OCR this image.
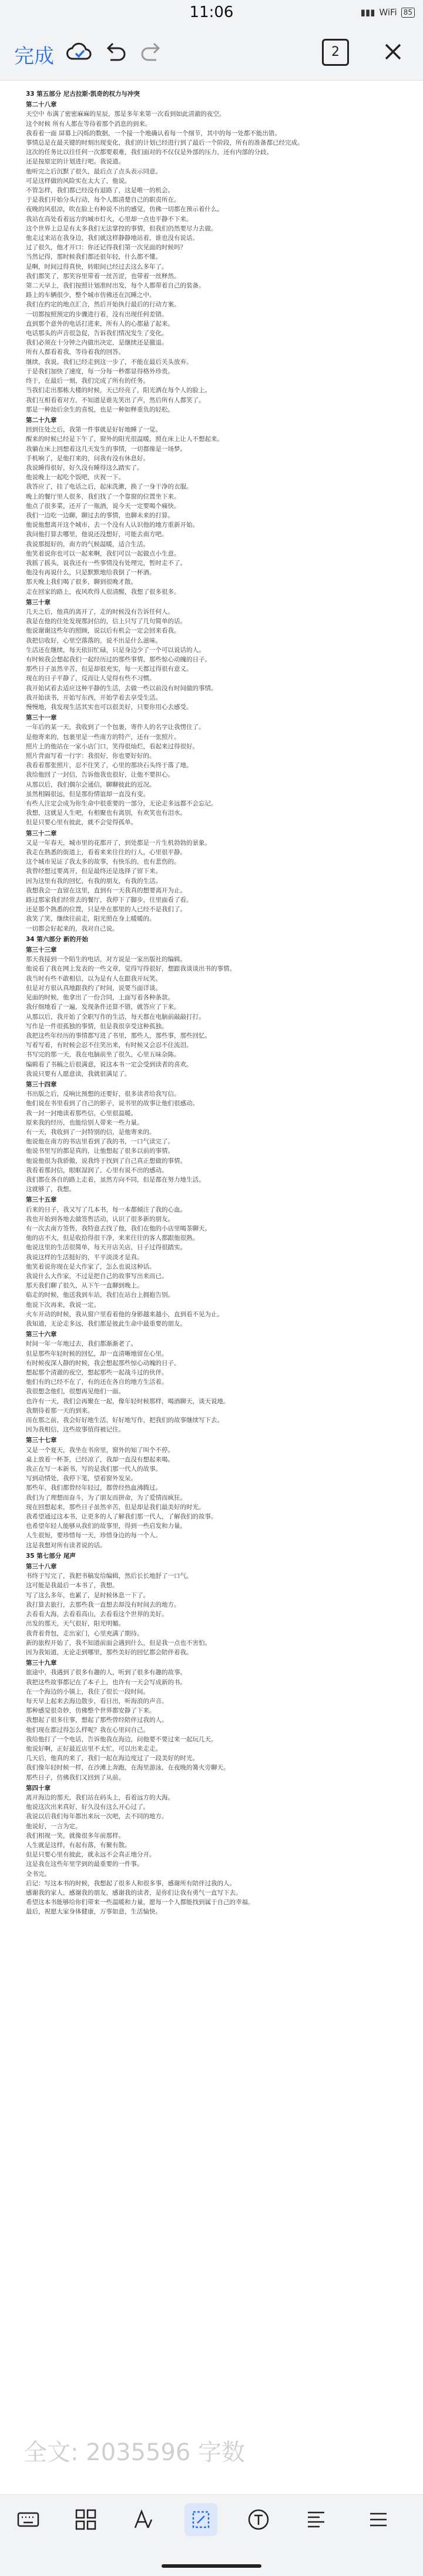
11:06	▮▮▮ WiFi 85
完成	2

33 第五部分 尼古拉斯·凯奇的权力与冲突

第二十八章

天空中 布满了密密麻麻的星辰，那是多年来第一次看到如此清澈的夜空。

这个时候 所有人都在等待着那个消息的到来。

我看着一面 屏幕上闪烁的数据，一个接一个地确认着每一个细节，其中的每一处都不能出错。

事情总是在最关键的时刻出现变化，我们的计划已经进行到了最后一个阶段，所有的准备都已经完成。

这次的任务比以往任何一次都要艰难，我们面对的不仅仅是外部的压力，还有内部的分歧。

还是按原定的计划进行吧。我说道。

他听完之后沉默了很久，最后点了点头表示同意。

可是这样做的风险实在太大了，他说。

不管怎样，我们都已经没有退路了，这是唯一的机会。

于是我们开始分头行动，每个人都清楚自己的职责所在。

夜晚的风很凉，吹在脸上有种说不出的感觉，仿佛一切都在预示着什么。

我站在高处看着远方的城市灯火，心里却一点也平静不下来。

这个世界上总是有太多我们无法掌控的事情，但我们仍然要尽力去做。

他走过来站在我身边，我们就这样静静地站着，谁也没有说话。

过了很久，他才开口：你还记得我们第一次见面的时候吗？

当然记得，那时候我们都还很年轻，什么都不懂。

是啊，时间过得真快，转眼间已经过去这么多年了。

我们都笑了，那笑容里带着一丝苦涩，也带着一丝释然。

第二天早上，我们按照计划准时出发，每个人都带着自己的装备。

路上的车辆很少，整个城市仿佛还在沉睡之中。

我们在约定的地点汇合，然后开始执行最后的行动方案。

一切都按照预定的步骤进行着，没有出现任何差错。

直到那个意外的电话打进来，所有人的心都悬了起来。

电话那头的声音很急促，告诉我们情况发生了变化。

我们必须在十分钟之内做出决定，是继续还是撤退。

所有人都看着我，等待着我的回答。

继续，我说。我们已经走到这一步了，不能在最后关头放弃。

于是我们加快了速度，每一分每一秒都显得格外珍贵。

终于，在最后一刻，我们完成了所有的任务。

当我们走出那栋大楼的时候，天已经亮了，阳光洒在每个人的脸上。

我们互相看着对方，不知道是谁先笑出了声，然后所有人都笑了。

那是一种劫后余生的喜悦，也是一种如释重负的轻松。

第二十九章

回到住处之后，我第一件事就是好好地睡了一觉。

醒来的时候已经是下午了，窗外的阳光很温暖，照在床上让人不想起来。

我躺在床上回想着这几天发生的事情，一切都像是一场梦。

手机响了，是他打来的，问我有没有休息好。

我说睡得很好，好久没有睡得这么踏实了。

他说晚上一起吃个饭吧，庆祝一下。

我答应了，挂了电话之后，起床洗漱，换了一身干净的衣服。

晚上的餐厅里人很多，我们找了一个靠窗的位置坐下来。

他点了很多菜，还开了一瓶酒，说今天一定要喝个痛快。

我们一边吃一边聊，聊过去的事情，也聊未来的打算。

他说他想离开这个城市，去一个没有人认识他的地方重新开始。

我问他打算去哪里，他说还没想好，可能去南方吧。

我说那挺好的，南方的气候温暖，适合生活。

他笑着说你也可以一起来啊，我们可以一起做点小生意。

我摇了摇头，说我还有一些事情没有处理完，暂时走不了。

他没有再说什么，只是默默地给我倒了一杯酒。

那天晚上我们喝了很多，聊到很晚才散。

走在回家的路上，夜风吹得人很清醒，我想了很多很多。

第三十章

几天之后，他真的离开了，走的时候没有告诉任何人。

我是在他的住处发现那封信的，信上只写了几句简单的话。

他说谢谢这些年的照顾，说以后有机会一定会回来看我。

我把信收好，心里空落落的，说不出是什么滋味。

生活还在继续，每天依旧忙碌，只是身边少了一个可以说话的人。

有时候我会想起我们一起经历过的那些事情，那些惊心动魄的日子。

那些日子虽然辛苦，但是却很充实，每一天都过得很有意义。

现在的日子平静了，反而让人觉得有些不习惯。

我开始试着去适应这种平静的生活，去做一些以前没有时间做的事情。

我开始读书，开始写东西，开始学着去享受生活。

慢慢地，我发现生活其实也可以很美好，只要你用心去感受。

第三十一章

一年后的某一天，我收到了一个包裹，寄件人的名字让我愣住了。

是他寄来的，包裹里是一些南方的特产，还有一张照片。

照片上的他站在一家小店门口，笑得很灿烂，看起来过得很好。

照片背面写着一行字：我很好，你也要好好的。

我看着那张照片，忍不住笑了，心里的那块石头终于落了地。

我给他回了一封信，告诉他我也很好，让他不要担心。

从那以后，我们偶尔会通信，聊聊彼此的近况。

虽然相隔很远，但是那份情谊却一直没有变。

有些人注定会成为你生命中很重要的一部分，无论走多远都不会忘记。

我想，这就是人生吧，有相聚也有离别，有欢笑也有泪水。

但是只要心里有彼此，就不会觉得孤单。

第三十二章

又是一年春天，城市里的花都开了，到处都是一片生机勃勃的景象。

我走在熟悉的街道上，看着来来往往的行人，心里很平静。

这个城市见证了我太多的故事，有快乐的，也有悲伤的。

我曾经想过要离开，但是最终还是选择了留下来。

因为这里有我的回忆，有我的朋友，有我的生活。

我想我会一直留在这里，直到有一天我真的想要离开为止。

路过那家我们经常去的餐厅，我停下了脚步，往里面看了看。

还是那个熟悉的位置，只是坐在那里的人已经不是我们了。

我笑了笑，继续往前走，阳光照在身上暖暖的。

一切都会好起来的，我对自己说。

34 第六部分 新的开始

第三十三章

那天我接到一个陌生的电话，对方说是一家出版社的编辑。

他说看了我在网上发表的一些文章，觉得写得很好，想跟我谈谈出书的事情。

我当时有些不敢相信，以为是有人在跟我开玩笑。

但是对方很认真地跟我约了时间，说要当面详谈。

见面的时候，他拿出了一份合同，上面写着各种条款。

我仔细地看了一遍，发现条件还算不错，就答应了下来。

从那以后，我开始了全职写作的生活，每天都在电脑前敲敲打打。

写作是一件很孤独的事情，但是我很享受这种孤独。

我把这些年经历的事情都写进了书里，那些人，那些事，那些回忆。

写着写着，有时候会忍不住笑出来，有时候又会忍不住流泪。

书写完的那一天，我在电脑前坐了很久，心里五味杂陈。

编辑看了书稿之后很满意，说这本书一定会受到读者的喜欢。

我说只要有人愿意读，我就很满足了。

第三十四章

书出版之后，反响比预想的还要好，很多读者给我写信。

他们说在书里看到了自己的影子，说书里的故事让他们很感动。

我一封一封地读着那些信，心里很温暖。

原来我的经历，也能给别人带来一些力量。

有一天，我收到了一封特别的信，是他寄来的。

他说他在南方的书店里看到了我的书，一口气读完了。

他说书里写的都是真的，让他想起了很多以前的事情。

他说他很为我骄傲，说我终于找到了自己真正想做的事情。

我看着那封信，眼眶湿润了，心里有说不出的感动。

我们都在各自的路上走着，虽然方向不同，但是都在努力地生活。

这就够了，我想。

第三十五章

后来的日子，我又写了几本书，每一本都倾注了我的心血。

我也开始到各地去做签售活动，认识了很多新的朋友。

有一次去南方签售，我特意去找了他，我们在他的小店里喝茶聊天。

他的店不大，但是收拾得很干净，来来往往的客人都跟他很熟。

他说这里的生活很简单，每天开店关店，日子过得很踏实。

我说这样的生活挺好的，平平淡淡才是真。

他笑着说你现在是大作家了，怎么也说这种话。

我说什么大作家，不过是把自己的故事写出来而已。

那天我们聊了很久，从下午一直聊到晚上。

临走的时候，他送我到车站，我们在站台上拥抱告别。

他说下次再来，我说一定。

火车开动的时候，我从窗户里看着他的身影越来越小，直到看不见为止。

我知道，无论走多远，我们都是彼此生命中最重要的朋友。

第三十六章

时间一年一年地过去，我们都渐渐老了。

但是那些年轻时候的回忆，却一直清晰地留在心里。

有时候夜深人静的时候，我会想起那些惊心动魄的日子。

想起那个清澈的夜空，想起那些一起战斗过的伙伴。

他们有的已经不在了，有的还在各自的地方生活着。

我很想念他们，很想再见他们一面。

也许有一天，我们会再聚在一起，像年轻时候那样，喝酒聊天，谈天说地。

我期待着那一天的到来。

而在那之前，我会好好地生活，好好地写作，把我们的故事继续写下去。

因为我相信，这些故事值得被记住。

第三十七章

又是一个夏天，我坐在书房里，窗外的知了叫个不停。

桌上放着一杯茶，已经凉了，我却一直没有想起来喝。

我正在写一本新书，写的是我们那一代人的故事。

写到动情处，我停下笔，望着窗外发呆。

那些年，我们都曾经年轻过，都曾经热血沸腾过。

我们为了理想而奋斗，为了朋友而拼命，为了爱情而疯狂。

现在回想起来，那些日子虽然辛苦，但是却是我们最美好的时光。

我希望通过这本书，让更多的人了解我们那一代人，了解我们的故事。

也希望年轻人能够从我们的故事里，得到一些启发和力量。

人生很短，要珍惜每一天，珍惜身边的每一个人。

这是我想对所有读者说的话。

35 第七部分 尾声

第三十八章

书终于写完了，我把书稿发给编辑，然后长长地舒了一口气。

这可能是我最后一本书了，我想。

写了这么多年，也累了，是时候休息一下了。

我打算去旅行，去那些我一直想去却没有时间去的地方。

去看看大海，去看看高山，去看看这个世界的美好。

出发的那天，天气很好，阳光明媚。

我背着背包，走出家门，心里充满了期待。

新的旅程开始了，我不知道前面会遇到什么，但是我一点也不害怕。

因为我知道，无论走到哪里，那些美好的回忆都会陪伴着我。

第三十九章

旅途中，我遇到了很多有趣的人，听到了很多有趣的故事。

我把这些故事都记在了本子上，也许有一天会写成新的书。

在一个海边的小镇上，我住了很长一段时间。

每天早上起来去海边散步，看日出，听海浪的声音。

那种感觉很奇妙，仿佛整个世界都安静了下来。

我想起了很多往事，想起了那些曾经陪伴过我的人。

他们现在都过得怎么样呢？我在心里问自己。

我给他打了一个电话，告诉他我在海边，问他要不要过来一起玩几天。

他说好啊，正好最近店里不太忙，可以出来走走。

几天后，他真的来了，我们一起在海边度过了一段美好的时光。

我们像年轻时候一样，在沙滩上奔跑，在海里游泳，在夜晚的篝火旁聊天。

那些日子，仿佛我们又回到了从前。

第四十章

离开海边的那天，我们站在码头上，看着远方的大海。

他说这次出来真好，好久没有这么开心过了。

我说以后我们每年都出来玩一次吧，去不同的地方。

他说好，一言为定。

我们相视一笑，就像很多年前那样。

人生就是这样，有起有落，有聚有散。

但是只要心里有彼此，就永远不会真正地分开。

这是我在这些年里学到的最重要的一件事。

全书完。

后记：写这本书的时候，我想起了很多人和很多事，感谢所有陪伴过我的人。

感谢我的家人，感谢我的朋友，感谢我的读者，是你们让我有勇气一直写下去。

希望这本书能够给你们带来一些温暖和力量，愿每一个人都能找到属于自己的幸福。

最后，祝愿大家身体健康，万事如意，生活愉快。

全文: 2035596 字数
